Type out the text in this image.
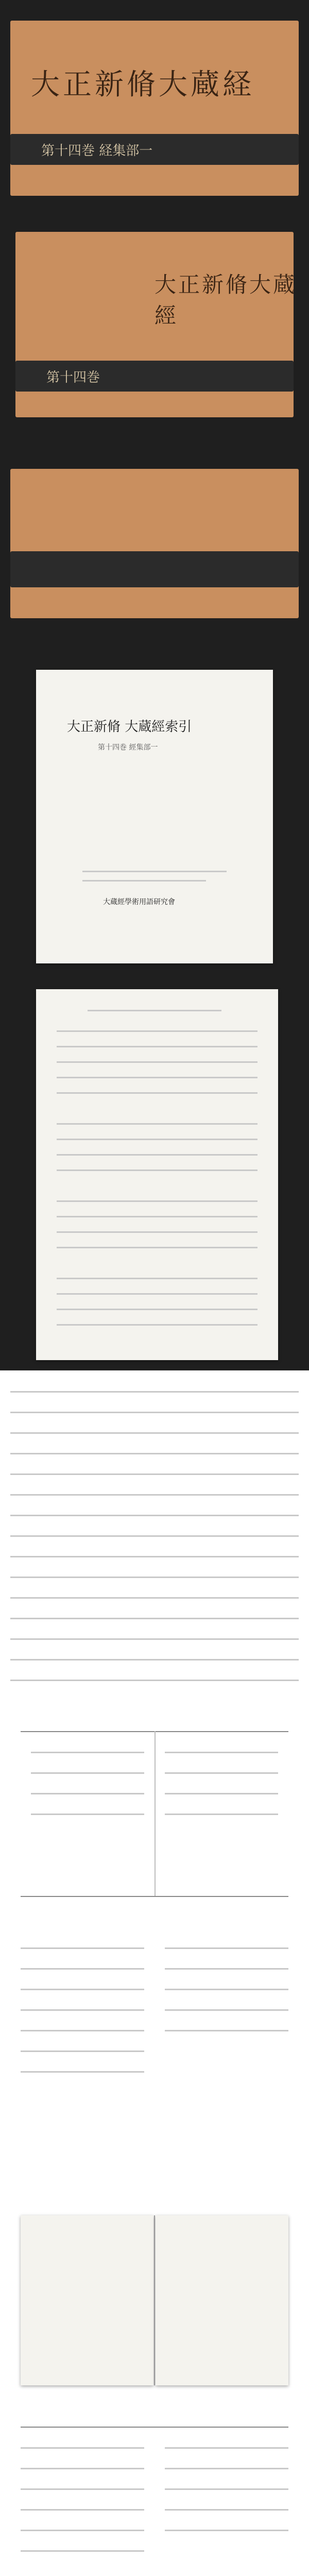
大正新脩大蔵経
第十四巻 経集部一
大正新脩大蔵經
第十四巻
大正新脩 大蔵經索引
第十四巻 經集部一
大蔵經學術用語研究會
